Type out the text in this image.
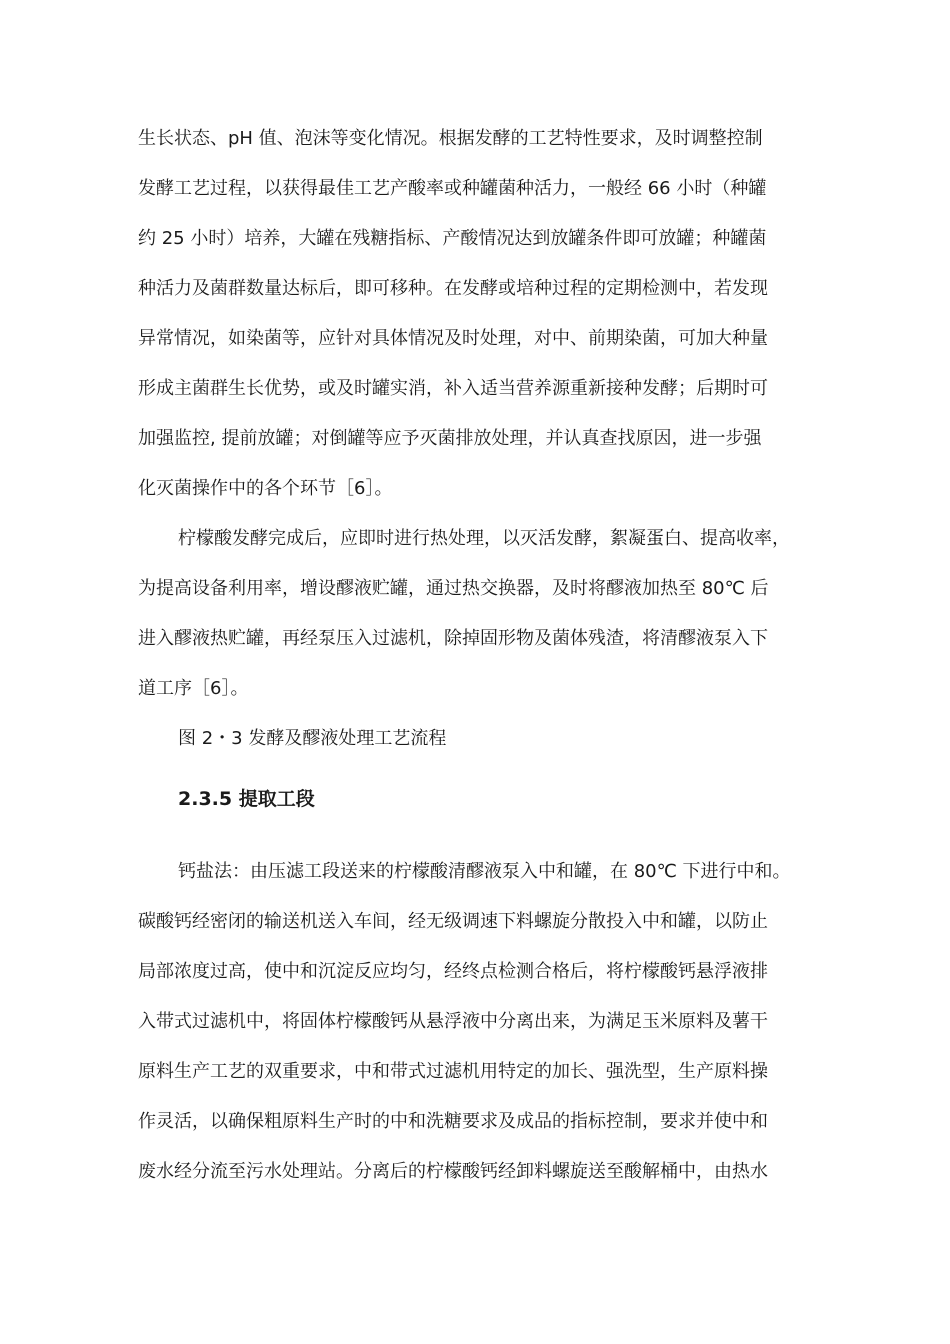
生长状态、pH 值、泡沫等变化情况。根据发酵的工艺特性要求，及时调整控制
发酵工艺过程，以获得最佳工艺产酸率或种罐菌种活力，一般经 66 小时（种罐
约 25 小时）培养，大罐在残糖指标、产酸情况达到放罐条件即可放罐；种罐菌
种活力及菌群数量达标后，即可移种。在发酵或培种过程的定期检测中，若发现
异常情况，如染菌等，应针对具体情况及时处理，对中、前期染菌，可加大种量
形成主菌群生长优势，或及时罐实消，补入适当营养源重新接种发酵；后期时可
加强监控, 提前放罐；对倒罐等应予灭菌排放处理，并认真查找原因，进一步强
化灭菌操作中的各个环节［6］。
柠檬酸发酵完成后，应即时进行热处理，以灭活发酵，絮凝蛋白、提高收率，
为提高设备利用率，增设醪液贮罐，通过热交换器，及时将醪液加热至 80℃ 后
进入醪液热贮罐，再经泵压入过滤机，除掉固形物及菌体残渣，将清醪液泵入下
道工序［6］。
图 2・3 发酵及醪液处理工艺流程
2.3.5 提取工段
钙盐法：由压滤工段送来的柠檬酸清醪液泵入中和罐，在 80℃ 下进行中和。
碳酸钙经密闭的输送机送入车间，经无级调速下料螺旋分散投入中和罐，以防止
局部浓度过高，使中和沉淀反应均匀，经终点检测合格后，将柠檬酸钙悬浮液排
入带式过滤机中，将固体柠檬酸钙从悬浮液中分离出来，为满足玉米原料及薯干
原料生产工艺的双重要求，中和带式过滤机用特定的加长、强洗型，生产原料操
作灵活，以确保粗原料生产时的中和洗糖要求及成品的指标控制，要求并使中和
废水经分流至污水处理站。分离后的柠檬酸钙经卸料螺旋送至酸解桶中，由热水
